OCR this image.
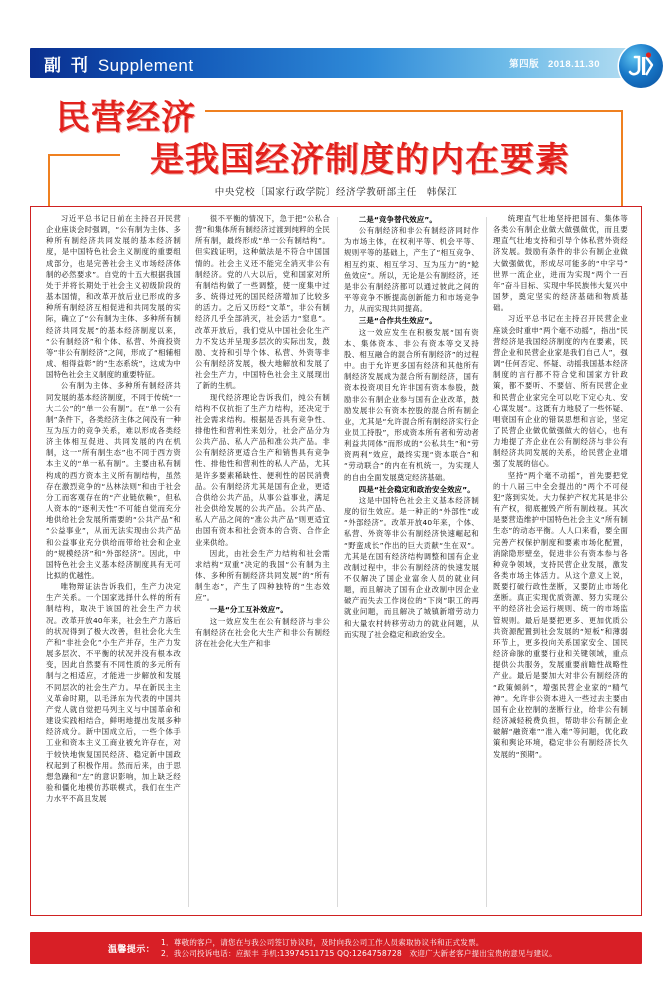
副 刊 Supplement	第四版 2018.11.30
民营经济
是我国经济制度的内在要素
中央党校〔国家行政学院〕经济学教研部主任　韩保江

习近平总书记日前在主持召开民营企业座谈会时强调，“公有制为主体、多种所有制经济共同发展的基本经济制度，是中国特色社会主义制度的重要组成部分，也是完善社会主义市场经济体制的必然要求”。自党的十五大根据我国处于并将长期处于社会主义初级阶段的基本国情，和改革开放后业已形成的多种所有制经济互相促进和共同发展的实际，确立了“公有制为主体、多种所有制经济共同发展”的基本经济制度以来，“公有制经济”和个体、私营、外商投资等“非公有制经济”之间，形成了“相辅相成、相得益彰”的“生态系统”，这成为中国特色社会主义制度的重要特征。

公有制为主体、多种所有制经济共同发展的基本经济制度，不同于传统“一大二公”的“单一公有制”。在“单一公有制”条件下，各类经济主体之间没有一种互为压力的竞争关系，难以形成各类经济主体相互促进、共同发展的内在机制，这一“所有制生态”也不同于西方资本主义的“单一私有制”。主要由私有制构成的西方资本主义所有制结构，虽然存在激烈竞争的“丛林法则”和由于社会分工而客观存在的“产业链依赖”，但私人资本的“逐利天性”不可能自觉而充分地供给社会发展所需要的“公共产品”和“公益事业”，从而无法实现由公共产品和公益事业充分供给而带给社会和企业的“规模经济”和“外部经济”。因此，中国特色社会主义基本经济制度具有无可比拟的优越性。

唯物辩证法告诉我们，生产力决定生产关系。一个国家选择什么样的所有制结构，取决于该国的社会生产力状况。改革开放40年来，社会生产力落后的状况得到了极大改善，但社会化大生产和“非社会化”小生产并存，生产力发展多层次、不平衡的状况并没有根本改变，因此自然要有不同性质的多元所有制与之相适应，才能进一步解放和发展不同层次的社会生产力。早在新民主主义革命时期，以毛泽东为代表的中国共产党人就自觉把马列主义与中国革命和建设实践相结合，鲜明地提出发展多种经济成分。新中国成立后，一些个体手工业和资本主义工商业被允许存在，对于较快地恢复国民经济、稳定新中国政权起到了积极作用。然而后来，由于思想急躁和“左”的意识影响，加上缺乏经验和僵化地模仿苏联模式，我们在生产力水平不高且发展

很不平衡的情况下，急于把“公私合营”和集体所有制经济过渡到纯粹的全民所有制，最终形成“单一公有制结构”。但实践证明，这种做法是不符合中国国情的。社会主义还不能完全消灭非公有制经济。党的八大以后，党和国家对所有制结构做了一些调整，使一度集中过多、统得过死的国民经济增加了比较多的活力。之后又历经“文革”，非公有制经济几乎全部消灭，社会活力“窒息”。改革开放后，我们党从中国社会化生产力不发达并呈现多层次的实际出发，鼓励、支持和引导个体、私营、外资等非公有制经济发展，极大地解放和发展了社会生产力，中国特色社会主义展现出了新的生机。

现代经济理论告诉我们，纯公有制结构不仅抗拒了生产力结构，还决定于社会需求结构。根据是否具有竞争性、排他性和营利性来划分，社会产品分为公共产品、私人产品和准公共产品。非公有制经济更适合生产和销售具有竞争性、排他性和营利性的私人产品，尤其是许多要素稀缺性、便利性的居民消费品。公有制经济尤其是国有企业，更适合供给公共产品，从事公益事业，满足社会供给发展的公共产品。公共产品、私人产品之间的“准公共产品”则更适宜由国有资本和社会资本的合资、合作企业来供给。

因此，由社会生产力结构和社会需求结构“双重”决定的我国“公有制为主体、多种所有制经济共同发展”的“所有制生态”，产生了四种独特的“生态效应”。

一是“分工互补效应”。

这一效应发生在公有制经济与非公有制经济在社会化大生产和非公有制经济在社会化大生产和非

二是“竞争替代效应”。

公有制经济和非公有制经济同时作为市场主体，在权利平等、机会平等、规则平等的基础上，产生了“相互竞争、相互约束、相互学习、互为压力”的“鲶鱼效应”。所以，无论是公有制经济，还是非公有制经济都可以通过彼此之间的平等竞争不断提高创新能力和市场竞争力，从而实现共同提高。

三是“合作共生效应”。

这一效应发生在积极发展“国有资本、集体资本、非公有资本等交叉持股、相互融合的混合所有制经济”的过程中。由于允许更多国有经济和其他所有制经济发展成为混合所有制经济，国有资本投资项目允许非国有资本参股，鼓励非公有制企业参与国有企业改革，鼓励发展非公有资本控股的混合所有制企业，尤其是“允许混合所有制经济实行企业员工持股”，形成资本所有者和劳动者利益共同体”而形成的“公私共生”和“劳资两利”效应，最终实现“资本联合”和“劳动联合”的内在有机统一，为实现人的自由全面发展奠定经济基础。

四是“社会稳定和政治安全效应”。

这是中国特色社会主义基本经济制度的衍生效应。是一种正的“外部性”或“外部经济”。改革开放40年来，个体、私营、外资等非公有制经济快速崛起和“野蛮成长”作出的巨大贡献“生在双”。尤其是在国有经济结构调整和国有企业改制过程中，非公有制经济的快速发展不仅解决了国企业富余人员的就业问题，而且解决了国有企业改制中因企业破产而失去工作岗位的“下岗”职工的再就业问题，而且解决了城镇新增劳动力和大量农村转移劳动力的就业问题，从而实现了社会稳定和政治安全。

统理直气壮地坚持把国有、集体等各类公有制企业做大做强做优，而且要理直气壮地支持和引导个体私营外资经济发展。鼓励有条件的非公有制企业做大做强做优，形成尽可能多的“中字号”世界一流企业，进而为实现“两个一百年”奋斗目标、实现中华民族伟大复兴中国梦，奠定坚实的经济基础和物质基础。

习近平总书记在主持召开民营企业座谈会时重申“两个毫不动摇”，指出“民营经济是我国经济制度的内在要素，民营企业和民营企业家是我们自己人”，强调“任何否定、怀疑、动摇我国基本经济制度的言行都不符合党和国家方针政策，都不要听、不要信、所有民营企业和民营企业家完全可以吃下定心丸、安心谋发展”。这既有力地驳了一些怀疑、唱衰国有企业的错误思想和言论，坚定了民营企业做优做强做大的信心，也有力地提了齐企业在公有制经济与非公有制经济共同发展的关系，给民营企业增强了发展的信心。

坚持“两个毫不动摇”，首先要把党的十八届三中全会提出的“两个不可侵犯”落到实处。大力保护产权尤其是非公有产权，彻底摧毁产所有制歧视。其次是要营造维护中国特色社会主义“所有制生态”的动态平衡。人人口来看，要全面完善产权保护制度和要素市场化配置，消除隐形壁垒，促进非公有资本参与各种竞争领域，支持民营企业发展，激发各类市场主体活力。从这个意义上说，既要打破行政性垄断，又要防止市场化垄断。真正实现优质资源、努力实现公平的经济社会运行规则、统一的市场监管规则。最后是要把更多、更加优质公共资源配置到社会发展的“短板”和薄弱环节上，更多投向关系国家安全、国民经济命脉的重要行业和关键领域，重点提供公共服务，发展重要前瞻性战略性产业。最后是要加大对非公有制经济的“政策倾斜”，增强民营企业家的“精气神”。允许非公资本进入一些过去主要由国有企业控制的垄断行业，给非公有制经济减轻税费负担，帮助非公有制企业破解“融资难”“准入难”等问题，优化政策和舆论环境，稳定非公有制经济长久发展的“预期”。

温馨提示：
1．尊敬的客户，请您在与我公司签订协议时，及时向我公司工作人员索取协议书和正式发票。
2．我公司投诉电话：应振丰 手机:13974511715 QQ:1264758728　欢迎广大新老客户提出宝贵的意见与建议。
